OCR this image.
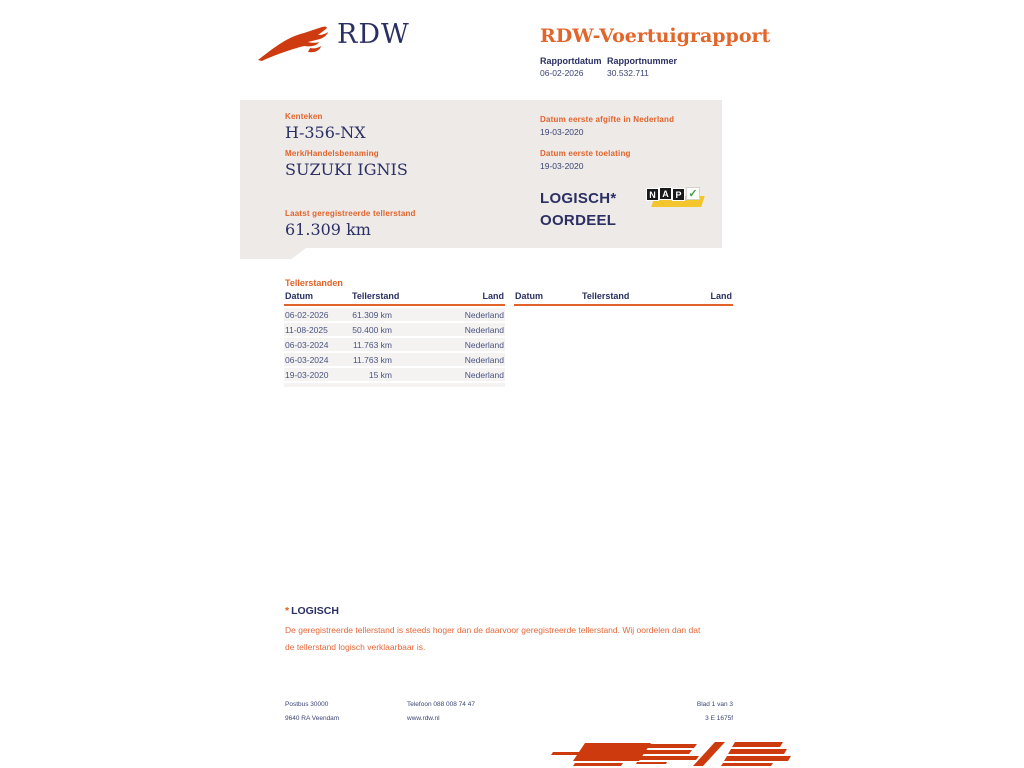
RDW	RDW-Voertuigrapport
Rapportdatum Rapportnummer
06-02-2026	30.532.711
Kenteken
H-356-NX
Merk/Handelsbenaming
SUZUKI IGNIS
Laatst geregistreerde tellerstand
61.309 km
Datum eerste afgifte in Nederland
19-03-2020
Datum eerste toelating
19-03-2020
LOGISCH*
OORDEEL
N A P ✓
Tellerstanden
Datum	Tellerstand	Land
06-02-2026	61.309 km	Nederland
11-08-2025	50.400 km	Nederland
06-03-2024	11.763 km	Nederland
06-03-2024	11.763 km	Nederland
19-03-2020	15 km	Nederland
Datum	Tellerstand	Land
* LOGISCH
De geregistreerde tellerstand is steeds hoger dan de daarvoor geregistreerde tellerstand. Wij oordelen dan dat de tellerstand logisch verklaarbaar is.
Postbus 30000
9640 RA Veendam
Telefoon 088 008 74 47
www.rdw.nl
Blad 1 van 3
3 E 1675f
